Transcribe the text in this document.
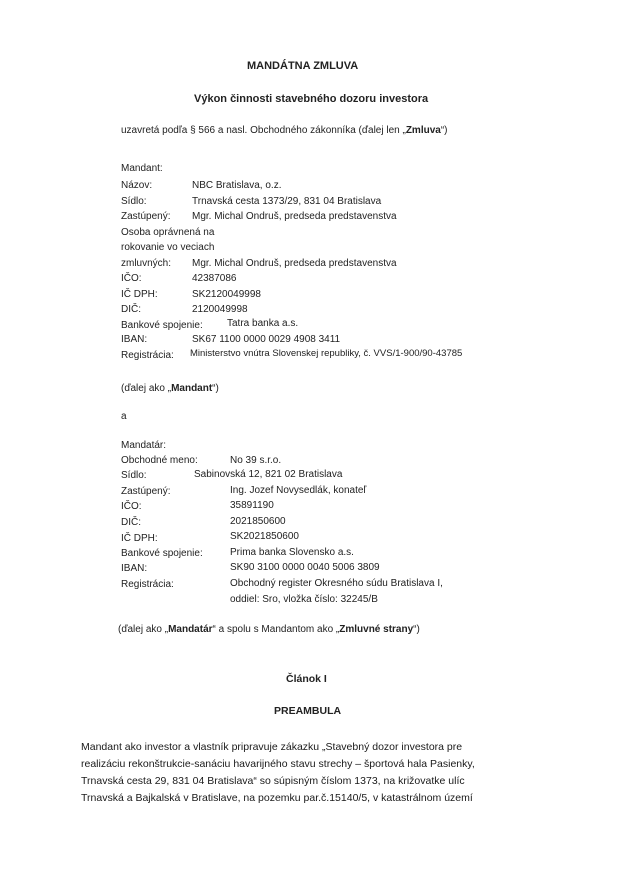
MANDÁTNA ZMLUVA
Výkon činnosti stavebného dozoru investora
uzavretá podľa § 566 a nasl. Obchodného zákonníka (ďalej len „Zmluva“)
Mandant:
Názov:	NBC Bratislava, o.z.
Sídlo:	Trnavská cesta 1373/29, 831 04 Bratislava
Zastúpený: Mgr. Michal Ondruš, predseda predstavenstva
Osoba oprávnená na
rokovanie vo veciach
zmluvných: Mgr. Michal Ondruš, predseda predstavenstva
IČO:	42387086
IČ DPH:	SK2120049998
DIČ:	2120049998
Bankové spojenie: Tatra banka a.s.
IBAN:	SK67 1100 0000 0029 4908 3411
Registrácia: Ministerstvo vnútra Slovenskej republiky, č. VVS/1-900/90-43785
(ďalej ako „Mandant“)
a
Mandatár:
Obchodné meno:	No 39 s.r.o.
Sídlo:	Sabinovská 12, 821 02 Bratislava
Zastúpený:	Ing. Jozef Novysedlák, konateľ
IČO:	35891190
DIČ:	2021850600
IČ DPH:	SK2021850600
Bankové spojenie:	Prima banka Slovensko a.s.
IBAN:	SK90 3100 0000 0040 5006 3809
Registrácia:	Obchodný register Okresného súdu Bratislava I,
oddiel: Sro, vložka číslo: 32245/B
(ďalej ako „Mandatár“ a spolu s Mandantom ako „Zmluvné strany“)
Článok I
PREAMBULA
Mandant ako investor a vlastník pripravuje zákazku „Stavebný dozor investora pre
realizáciu rekonštrukcie-sanáciu havarijného stavu strechy – športová hala Pasienky,
Trnavská cesta 29, 831 04 Bratislava“ so súpisným číslom 1373, na križovatke ulíc
Trnavská a Bajkalská v Bratislave, na pozemku par.č.15140/5, v katastrálnom území
